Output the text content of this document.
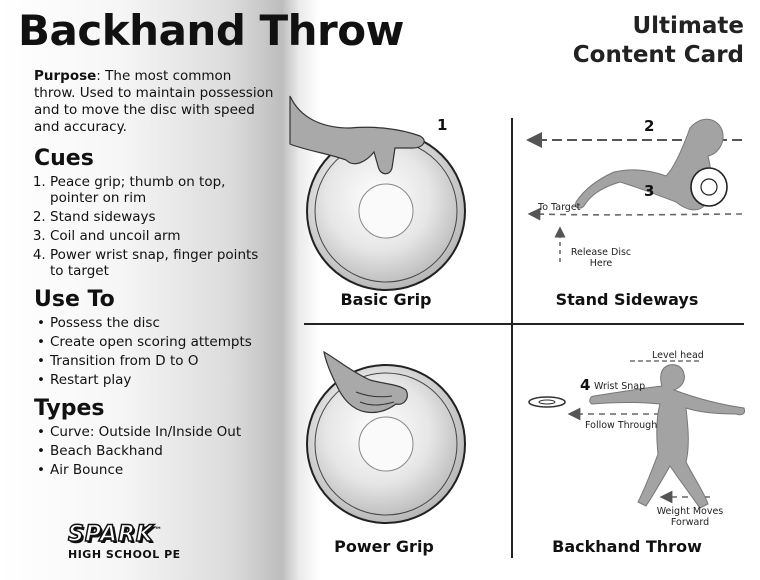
Backhand Throw	Ultimate
Content Card

Purpose: The most common throw. Used to maintain possession and to move the disc with speed and accuracy.

Cues
1. Peace grip; thumb on top, pointer on rim
2. Stand sideways
3. Coil and uncoil arm
4. Power wrist snap, finger points to target
Use To
• Possess the disc
• Create open scoring attempts
• Transition from D to O
• Restart play
Types
• Curve: Outside In/Inside Out
• Beach Backhand
• Air Bounce
SPARK™
HIGH SCHOOL PE
1
Basic Grip
2
3
To Target
Release Disc Here
Stand Sideways
Power Grip
Level head
4 Wrist Snap
Follow Through
Weight Moves Forward
Backhand Throw
